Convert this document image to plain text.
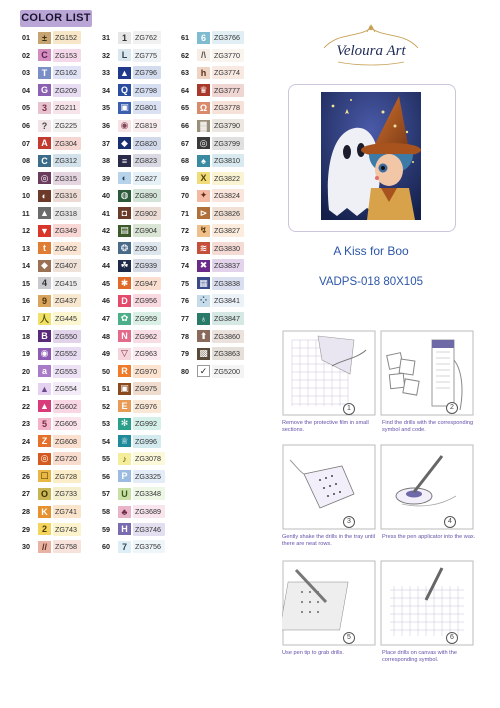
COLOR LIST
01	±	ZG152
02	C	ZG153
03	T	ZG162
04	G ZG209
05	3	ZG211
06	?	ZG225
07	A	ZG304
08	C	ZG312
09	◎ ZG315
10	◐	ZG316
11	▲ ZG318
12	▼ ZG349
13	t	ZG402
14	◆ ZG407
15	4	ZG415
16	9	ZG437
17	人 ZG445
18	B	ZG550
19	◉ ZG552
20	a	ZG553
21	▲ ZG554
22	▲ ZG602
23	5	ZG605
24	Z	ZG608
25	◎ ZG720
26	☐ ZG728
27	O ZG733
28	K	ZG741
29	2	ZG743
30	//	ZG758
31	1	ZG762
32	L	ZG775
33	▲ ZG796
34	Q ZG798
35	▣ ZG801
36	◉ ZG819
37	◆ ZG820
38	≡	ZG823
39	◐	ZG827
40	◍ ZG890
41	◘	ZG902
42	▤ ZG904
43	❂ ZG930
44	☘ ZG939
45	✱ ZG947
46	D	ZG956
47	✿ ZG959
48	N	ZG962
49	▽ ZG963
50	R	ZG970
51	▣ ZG975
52	E	ZG976
53	✻ ZG992
54	♕ ZG996
55	♪	ZG3078
56	P	ZG3325
57	U	ZG3348
58	♣	ZG3689
59	H	ZG3746
60	7	ZG3756
61	6	ZG3766
62	/\	ZG3770
63	h	ZG3774
64	♛ ZG3777
65	Ω ZG3778
66	▓	ZG3790
67	◎ ZG3799
68	♠	ZG3810
69	X	ZG3822
70	✦ ZG3824
71	⊳ ZG3826
72	↯ ZG3827
73	≋ ZG3830
74	✖ ZG3837
75	▦ ZG3838
76	⁘ ZG3841
77	♁ ZG3847
78	⬆ ZG3860
79	▩ ZG3863
80	✓ ZG5200
Veloura Art
A Kiss for Boo
VADPS-018 80X105
1
Remove the protective film in small sections.
2
Find the drills with the corresponding symbol and code.
3
Gently shake the drills in the tray until there are neat rows.
4
Press the pen applicator into the wax.
5
Use pen tip to grab drills.
6
Place drills on canvas with the corresponding symbol.
